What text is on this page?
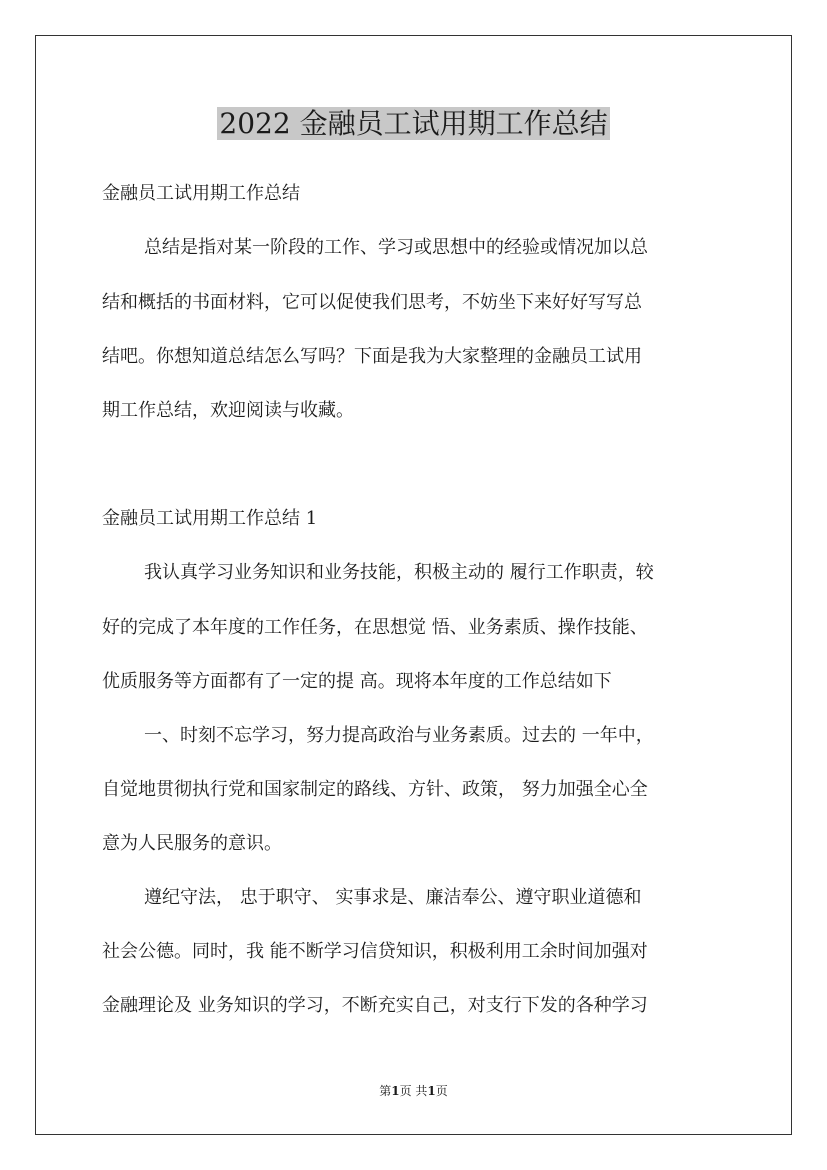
2022 金融员工试用期工作总结
金融员工试用期工作总结
总结是指对某一阶段的工作、学习或思想中的经验或情况加以总
结和概括的书面材料，它可以促使我们思考，不妨坐下来好好写写总
结吧。你想知道总结怎么写吗？下面是我为大家整理的金融员工试用
期工作总结，欢迎阅读与收藏。
金融员工试用期工作总结 1
我认真学习业务知识和业务技能，积极主动的 履行工作职责，较
好的完成了本年度的工作任务，在思想觉 悟、业务素质、操作技能、
优质服务等方面都有了一定的提 高。现将本年度的工作总结如下
一、时刻不忘学习，努力提高政治与业务素质。过去的 一年中，
自觉地贯彻执行党和国家制定的路线、方针、政策， 努力加强全心全
意为人民服务的意识。
遵纪守法， 忠于职守、 实事求是、廉洁奉公、遵守职业道德和
社会公德。同时，我 能不断学习信贷知识，积极利用工余时间加强对
金融理论及 业务知识的学习，不断充实自己，对支行下发的各种学习
第1页 共1页
